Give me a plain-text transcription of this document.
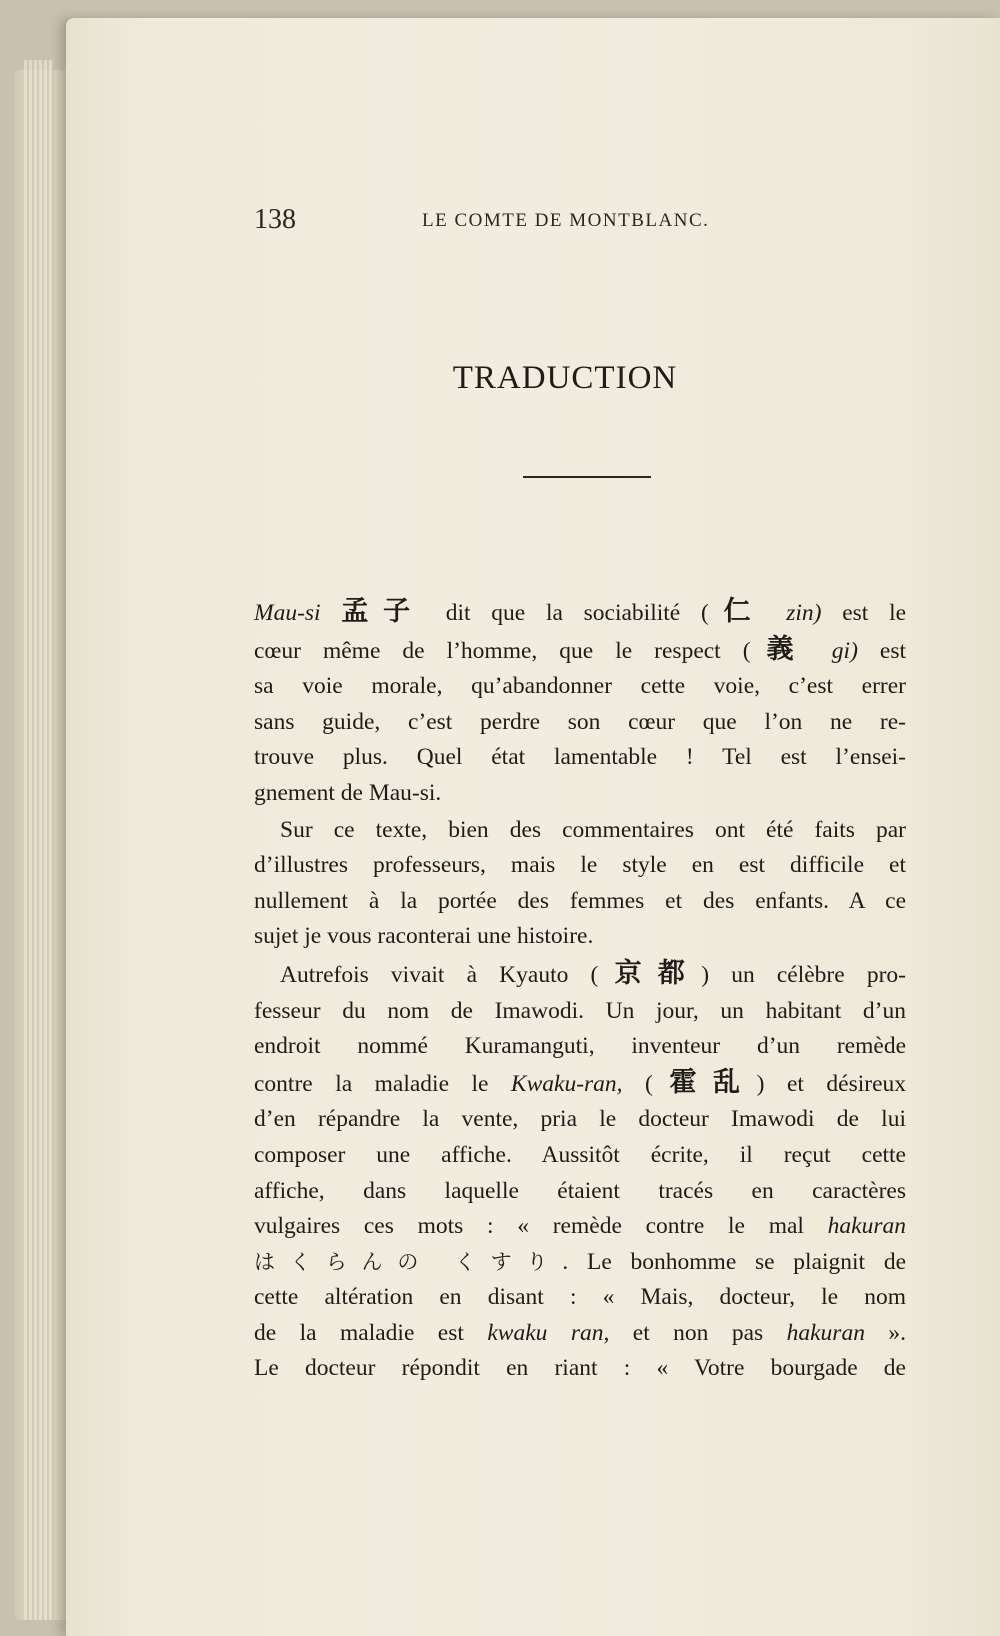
138	LE COMTE DE MONTBLANC.
TRADUCTION

Mau-si 孟子 dit que la sociabilité (仁 zin) est le
cœur même de l’homme, que le respect (義 gi) est
sa voie morale, qu’abandonner cette voie, c’est errer
sans guide, c’est perdre son cœur que l’on ne re-
trouve plus. Quel état lamentable ! Tel est l’ensei-
gnement de Mau-si.

Sur ce texte, bien des commentaires ont été faits par
d’illustres professeurs, mais le style en est difficile et
nullement à la portée des femmes et des enfants. A ce
sujet je vous raconterai une histoire.

Autrefois vivait à Kyauto (京都) un célèbre pro-
fesseur du nom de Imawodi. Un jour, un habitant d’un
endroit nommé Kuramanguti, inventeur d’un remède
contre la maladie le Kwaku-ran, (霍乱) et désireux
d’en répandre la vente, pria le docteur Imawodi de lui
composer une affiche. Aussitôt écrite, il reçut cette
affiche, dans laquelle étaient tracés en caractères
vulgaires ces mots : « remède contre le mal hakuran
はくらんの くすり. Le bonhomme se plaignit de
cette altération en disant : « Mais, docteur, le nom
de la maladie est kwaku ran, et non pas hakuran ».
Le docteur répondit en riant : « Votre bourgade de
